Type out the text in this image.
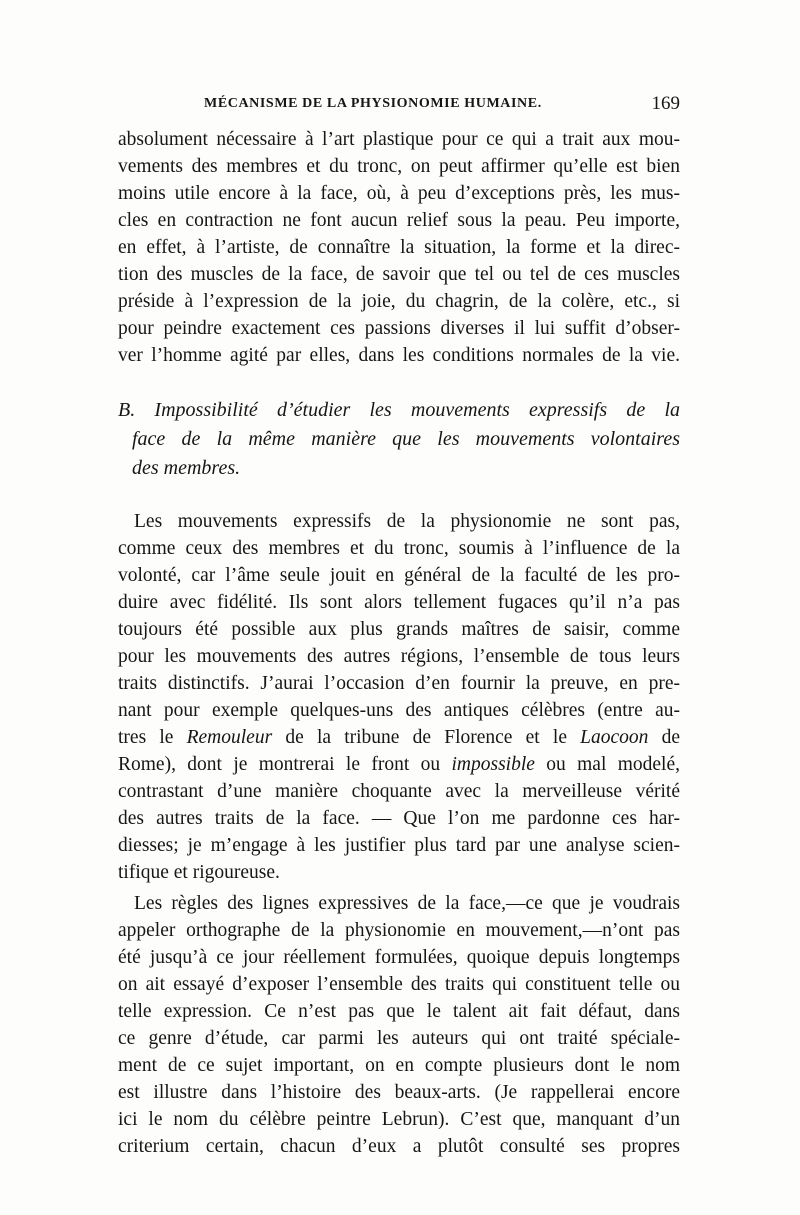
MÉCANISME DE LA PHYSIONOMIE HUMAINE.	169
absolument nécessaire à l’art plastique pour ce qui a trait aux mou-
vements des membres et du tronc, on peut affirmer qu’elle est bien
moins utile encore à la face, où, à peu d’exceptions près, les mus-
cles en contraction ne font aucun relief sous la peau. Peu importe,
en effet, à l’artiste, de connaître la situation, la forme et la direc-
tion des muscles de la face, de savoir que tel ou tel de ces muscles
préside à l’expression de la joie, du chagrin, de la colère, etc., si
pour peindre exactement ces passions diverses il lui suffit d’obser-
ver l’homme agité par elles, dans les conditions normales de la vie.
B. Impossibilité d’étudier les mouvements expressifs de la
face de la même manière que les mouvements volontaires
des membres.
Les mouvements expressifs de la physionomie ne sont pas,
comme ceux des membres et du tronc, soumis à l’influence de la
volonté, car l’âme seule jouit en général de la faculté de les pro-
duire avec fidélité. Ils sont alors tellement fugaces qu’il n’a pas
toujours été possible aux plus grands maîtres de saisir, comme
pour les mouvements des autres régions, l’ensemble de tous leurs
traits distinctifs. J’aurai l’occasion d’en fournir la preuve, en pre-
nant pour exemple quelques-uns des antiques célèbres (entre au-
tres le Remouleur de la tribune de Florence et le Laocoon de
Rome), dont je montrerai le front ou impossible ou mal modelé,
contrastant d’une manière choquante avec la merveilleuse vérité
des autres traits de la face. — Que l’on me pardonne ces har-
diesses; je m’engage à les justifier plus tard par une analyse scien-
tifique et rigoureuse.
Les règles des lignes expressives de la face,—ce que je voudrais
appeler orthographe de la physionomie en mouvement,—n’ont pas
été jusqu’à ce jour réellement formulées, quoique depuis longtemps
on ait essayé d’exposer l’ensemble des traits qui constituent telle ou
telle expression. Ce n’est pas que le talent ait fait défaut, dans
ce genre d’étude, car parmi les auteurs qui ont traité spéciale-
ment de ce sujet important, on en compte plusieurs dont le nom
est illustre dans l’histoire des beaux-arts. (Je rappellerai encore
ici le nom du célèbre peintre Lebrun). C’est que, manquant d’un
criterium certain, chacun d’eux a plutôt consulté ses propres
